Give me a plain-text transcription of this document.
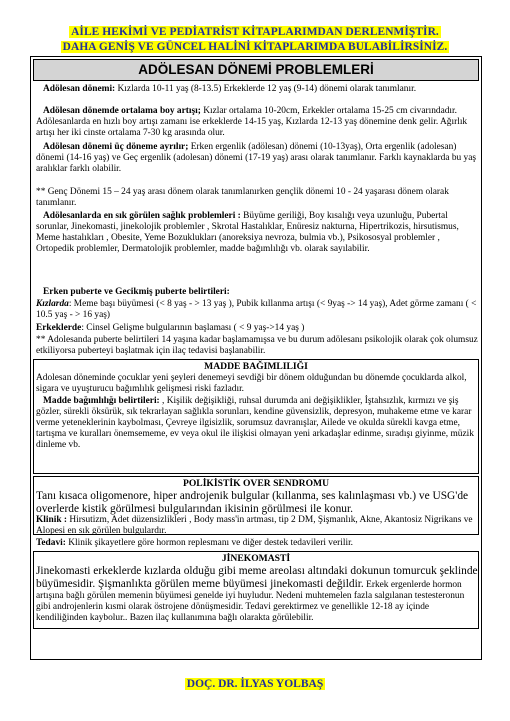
AİLE HEKİMİ VE PEDİATRİST KİTAPLARIMDAN DERLENMİŞTİR.
DAHA GENİŞ VE GÜNCEL HALİNİ KİTAPLARIMDA BULABİLİRSİNİZ.
ADÖLESAN DÖNEMİ PROBLEMLERİ
Adölesan dönemi: Kızlarda 10-11 yaş (8-13.5) Erkeklerde 12 yaş (9-14) dönemi olarak tanımlanır.
Adölesan dönemde ortalama boy artışı; Kızlar ortalama 10-20cm, Erkekler ortalama 15-25 cm civarındadır. Adölesanlarda en hızlı boy artışı zamanı ise erkeklerde 14-15 yaş, Kızlarda 12-13 yaş dönemine denk gelir. Ağırlık artışı her iki cinste ortalama 7-30 kg arasında olur.
Adölesan dönemi üç döneme ayrılır; Erken ergenlik (adölesan) dönemi (10-13yaş), Orta ergenlik (adolesan) dönemi (14-16 yaş) ve Geç ergenlik (adolesan) dönemi (17-19 yaş) arası olarak tanımlanır. Farklı kaynaklarda bu yaş aralıklar farklı olabilir.
** Genç Dönemi 15 – 24 yaş arası dönem olarak tanımlanırken gençlik dönemi 10 - 24 yaşarası dönem olarak tanımlanır.
Adölesanlarda en sık görülen sağlık problemleri : Büyüme geriliği, Boy kısalığı veya uzunluğu, Pubertal sorunlar, Jinekomasti, jinekolojik problemler , Skrotal Hastalıklar, Enüresiz nakturna, Hipertrikozis, hirsutismus, Meme hastalıkları , Obesite, Yeme Bozuklukları (anoreksiya nevroza, bulmia vb.), Psikososyal problemler , Ortopedik problemler, Dermatolojik problemler, madde bağımlılığı vb. olarak sayılabilir.
Erken puberte ve Gecikmiş puberte belirtileri:
Kızlarda: Meme başı büyümesi (< 8 yaş - > 13 yaş ), Pubik kıllanma artışı (< 9yaş -> 14 yaş), Adet görme zamanı ( < 10.5 yaş - > 16 yaş)
Erkeklerde: Cinsel Gelişme bulgularının başlaması ( < 9 yaş->14 yaş )
** Adolesanda puberte belirtileri 14 yaşına kadar başlamamışsa ve bu durum adölesanı psikolojik olarak çok olumsuz etkiliyorsa puberteyi başlatmak için ilaç tedavisi başlanabilir.
MADDE BAĞIMLILIĞI
Adolesan döneminde çocuklar yeni şeyleri denemeyi sevdiği bir dönem olduğundan bu dönemde çocuklarda alkol, sigara ve uyuşturucu bağımlılık gelişmesi riski fazladır.
Madde bağımlılığı belirtileri: , Kişilik değişikliği, ruhsal durumda ani değişiklikler, İştahsızlık, kırmızı ve şiş gözler, sürekli öksürük, sık tekrarlayan sağlıkla sorunları, kendine güvensizlik, depresyon, muhakeme etme ve karar verme yeteneklerinin kaybolması, Çevreye ilgisizlik, sorumsuz davranışlar, Ailede ve okulda sürekli kavga etme, tartışma ve kuralları önemsememe, ev veya okul ile ilişkisi olmayan yeni arkadaşlar edinme, sıradışı giyinme, müzik dinleme vb.
POLİKİSTİK OVER SENDROMU
Tanı kısaca oligomenore, hiper androjenik bulgular (kıllanma, ses kalınlaşması vb.) ve USG'de overlerde kistik görülmesi bulgularından ikisinin görülmesi ile konur.
Klinik : Hirsutizm, Adet düzensizlikleri , Body mass'in artması, tip 2 DM, Şişmanlık, Akne, Akantosiz Nigrikans ve Alopesi en sık görülen bulgulardır.
Tedavi: Klinik şikayetlere göre hormon replesmanı ve diğer destek tedavileri verilir.
JİNEKOMASTİ
Jinekomasti erkeklerde kızlarda olduğu gibi meme areolası altındaki dokunun tomurcuk şeklinde büyümesidir. Şişmanlıkta görülen meme büyümesi jinekomasti değildir. Erkek ergenlerde hormon artışına bağlı görülen memenin büyümesi genelde iyi huyludur. Nedeni muhtemelen fazla salgılanan testesteronun gibi androjenlerin kısmi olarak östrojene dönüşmesidir. Tedavi gerektirmez ve genellikle 12-18 ay içinde kendiliğinden kaybolur.. Bazen ilaç kullanımına bağlı olarakta görülebilir.
DOÇ. DR. İLYAS YOLBAŞ
